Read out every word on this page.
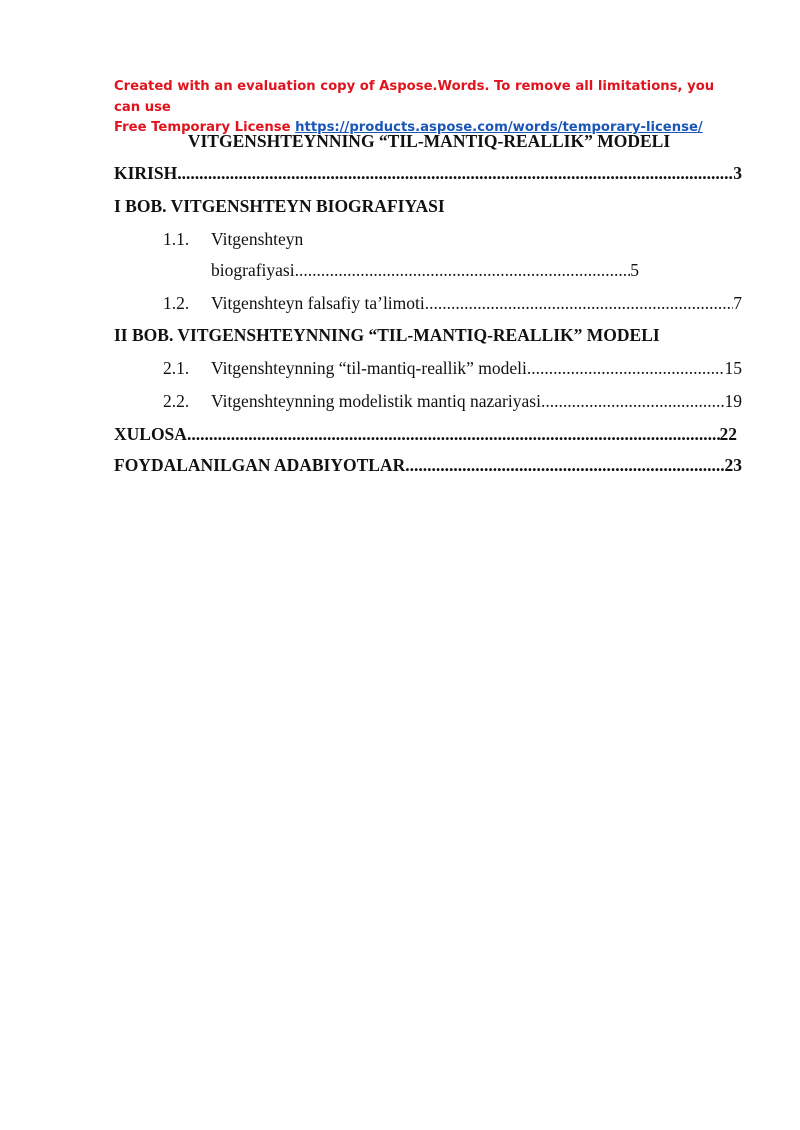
Created with an evaluation copy of Aspose.Words. To remove all limitations, you can use
Free Temporary License https://products.aspose.com/words/temporary-license/
VITGENSHTEYNNING “TIL-MANTIQ-REALLIK” MODELI
KIRISH .....	3
I BOB. VITGENSHTEYN BIOGRAFIYASI
1.1.	Vitgenshteyn
biografiyasi .....	5
1.2.	Vitgenshteyn falsafiy ta’limoti .....	7
II BOB. VITGENSHTEYNNING “TIL-MANTIQ-REALLIK” MODELI
2.1.	Vitgenshteynning “til-mantiq-reallik” modeli .....	15
2.2.	Vitgenshteynning modelistik mantiq nazariyasi .....	19
XULOSA .....	22
FOYDALANILGAN ADABIYOTLAR .....	23
